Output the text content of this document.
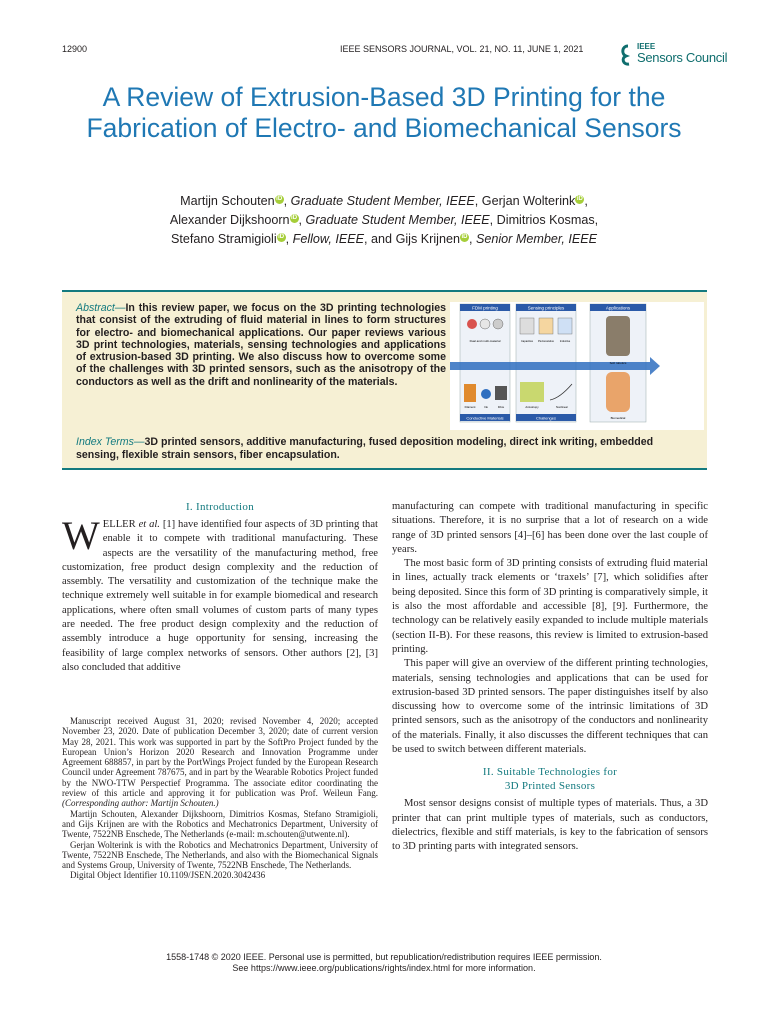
12900	IEEE SENSORS JOURNAL, VOL. 21, NO. 11, JUNE 1, 2021	IEEE
Sensors Council
A Review of Extrusion-Based 3D Printing for the Fabrication of Electro- and Biomechanical Sensors
Martijn Schouten iD , Graduate Student Member, IEEE, Gerjan Wolterink iD ,
Alexander Dijkshoorn iD , Graduate Student Member, IEEE, Dimitrios Kosmas,
Stefano Stramigioli iD , Fellow, IEEE, and Gijs Krijnen iD , Senior Member, IEEE
Abstract—In this review paper, we focus on the 3D printing technologies that consist of the extruding of fluid material in lines to form structures for electro- and biomechanical applications. Our paper reviews various 3D print technologies, materials, sensing technologies and applications of extrusion-based 3D printing. We also discuss how to overcome some of the challenges with 3D printed sensors, such as the anisotropy of the conductors as well as the drift and nonlinearity of the materials.
FDM printing	Sensing principles	Applications
Dual and multi-material	Capacitive Piezoresistive Inductive
Soft robotics
Biomedical
Filament	Ink	Fibre	Anisotropy	Nonlinear
Conductive Materials	Challenges
Index Terms—3D printed sensors, additive manufacturing, fused deposition modeling, direct ink writing, embedded sensing, flexible strain sensors, fiber encapsulation.
I. Introduction

WELLER et al. [1] have identified four aspects of 3D printing that enable it to compete with traditional manufacturing. These aspects are the versatility of the manufacturing method, free customization, free product design complexity and the reduction of assembly. The versatility and customization of the technique make the technique extremely well suitable in for example biomedical and research applications, where often small volumes of custom parts of many types are needed. The free product design complexity and the reduction of assembly introduce a huge opportunity for sensing, increasing the feasibility of large complex networks of sensors. Other authors [2], [3] also concluded that additive

Manuscript received August 31, 2020; revised November 4, 2020; accepted November 23, 2020. Date of publication December 3, 2020; date of current version May 28, 2021. This work was supported in part by the SoftPro Project funded by the European Union’s Horizon 2020 Research and Innovation Programme under Agreement 688857, in part by the PortWings Project funded by the European Research Council under Agreement 787675, and in part by the Wearable Robotics Project funded by the NWO-TTW Perspectief Programma. The associate editor coordinating the review of this article and approving it for publication was Prof. Weileun Fang. (Corresponding author: Martijn Schouten.)

Martijn Schouten, Alexander Dijkshoorn, Dimitrios Kosmas, Stefano Stramigioli, and Gijs Krijnen are with the Robotics and Mechatronics Department, University of Twente, 7522NB Enschede, The Netherlands (e-mail: m.schouten@utwente.nl).

Gerjan Wolterink is with the Robotics and Mechatronics Department, University of Twente, 7522NB Enschede, The Netherlands, and also with the Biomechanical Signals and Systems Group, University of Twente, 7522NB Enschede, The Netherlands.

Digital Object Identifier 10.1109/JSEN.2020.3042436

manufacturing can compete with traditional manufacturing in specific situations. Therefore, it is no surprise that a lot of research on a wide range of 3D printed sensors [4]–[6] has been done over the last couple of years.

The most basic form of 3D printing consists of extruding fluid material in lines, actually track elements or ‘traxels’ [7], which solidifies after being deposited. Since this form of 3D printing is comparatively simple, it is also the most affordable and accessible [8], [9]. Furthermore, the technology can be relatively easily expanded to include multiple materials (section II-B). For these reasons, this review is limited to extrusion-based printing.

This paper will give an overview of the different printing technologies, materials, sensing technologies and applications that can be used for extrusion-based 3D printed sensors. The paper distinguishes itself by also discussing how to overcome some of the intrinsic limitations of 3D printed sensors, such as the anisotropy of the conductors and nonlinearity of the materials. Finally, it also discusses the different techniques that can be used to switch between different materials.

II. Suitable Technologies for
3D Printed Sensors

Most sensor designs consist of multiple types of materials. Thus, a 3D printer that can print multiple types of materials, such as conductors, dielectrics, flexible and stiff materials, is key to the fabrication of sensors to 3D printing parts with integrated sensors.

1558-1748 © 2020 IEEE. Personal use is permitted, but republication/redistribution requires IEEE permission.
See https://www.ieee.org/publications/rights/index.html for more information.
